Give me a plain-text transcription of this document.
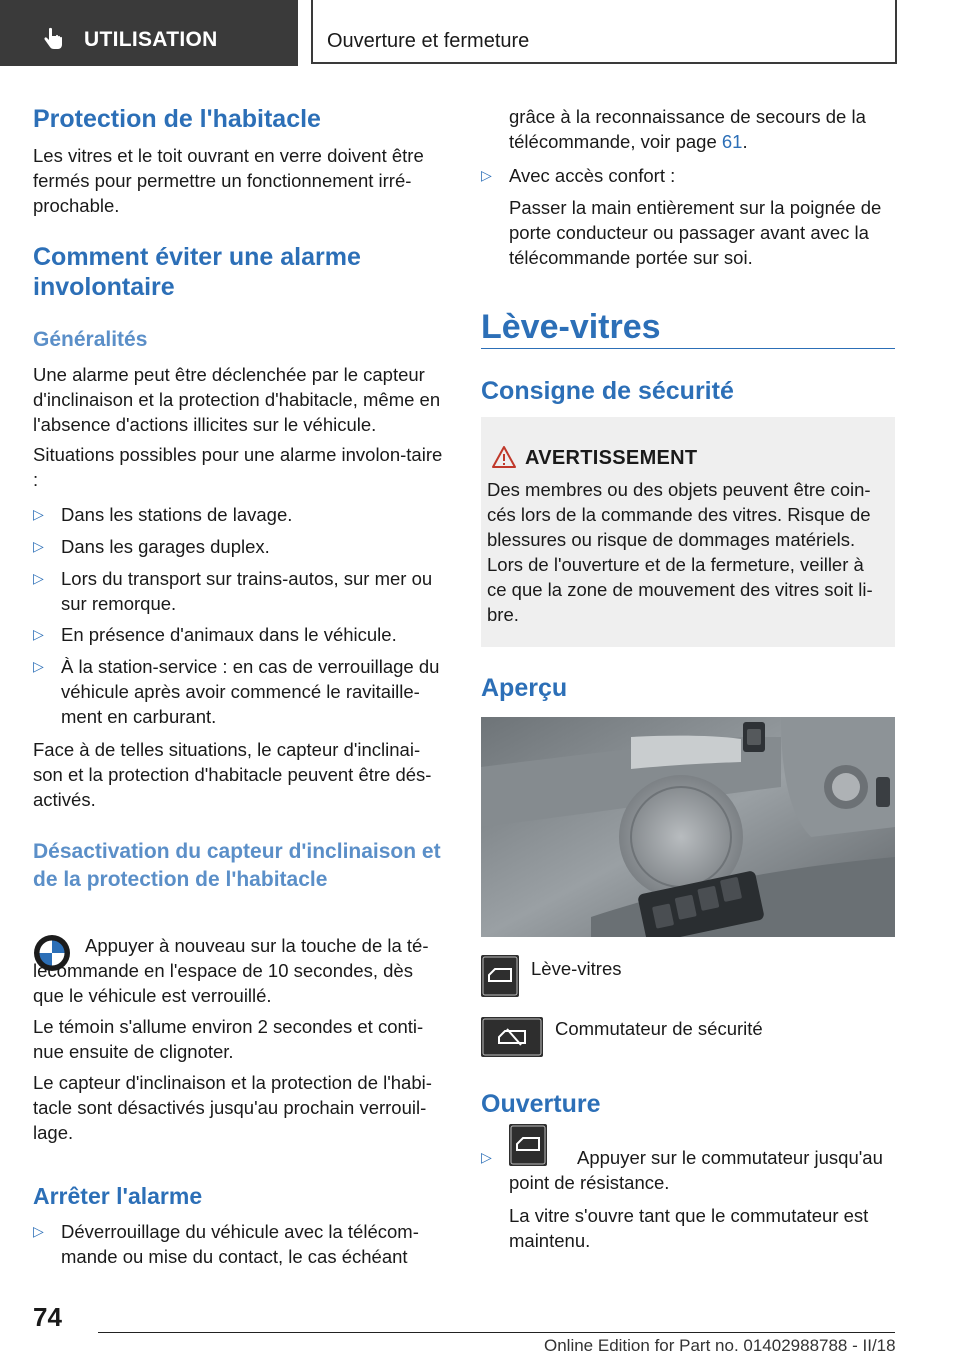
UTILISATION	Ouverture et fermeture
Protection de l'habitacle
Les vitres et le toit ouvrant en verre doivent être fermés pour permettre un fonctionnement irré-prochable.
Comment éviter une alarme
involontaire
Généralités
Une alarme peut être déclenchée par le capteur d'inclinaison et la protection d'habitacle, même en l'absence d'actions illicites sur le véhicule.
Situations possibles pour une alarme involon-taire :
▷ Dans les stations de lavage.
▷ Dans les garages duplex.
▷ Lors du transport sur trains-autos, sur mer ou sur remorque.
▷ En présence d'animaux dans le véhicule.
▷ À la station-service : en cas de verrouillage du véhicule après avoir commencé le ravitaille-ment en carburant.
Face à de telles situations, le capteur d'inclinai-son et la protection d'habitacle peuvent être dés-activés.
Désactivation du capteur d'inclinaison et de la protection de l'habitacle
Appuyer à nouveau sur la touche de la té-lécommande en l'espace de 10 secondes, dès que le véhicule est verrouillé.
Le témoin s'allume environ 2 secondes et conti-nue ensuite de clignoter.
Le capteur d'inclinaison et la protection de l'habi-tacle sont désactivés jusqu'au prochain verrouil-lage.
Arrêter l'alarme
▷ Déverrouillage du véhicule avec la télécom-mande ou mise du contact, le cas échéant
grâce à la reconnaissance de secours de la télécommande, voir page 61.
▷ Avec accès confort :
Passer la main entièrement sur la poignée de porte conducteur ou passager avant avec la télécommande portée sur soi.
Lève-vitres
Consigne de sécurité
AVERTISSEMENT
Des membres ou des objets peuvent être coin-cés lors de la commande des vitres. Risque de blessures ou risque de dommages matériels. Lors de l'ouverture et de la fermeture, veiller à ce que la zone de mouvement des vitres soit li-bre.
Aperçu
Lève-vitres
Commutateur de sécurité
Ouverture
▷	Appuyer sur le commutateur jusqu'au point de résistance.
La vitre s'ouvre tant que le commutateur est maintenu.
74
Online Edition for Part no. 01402988788 - II/18
